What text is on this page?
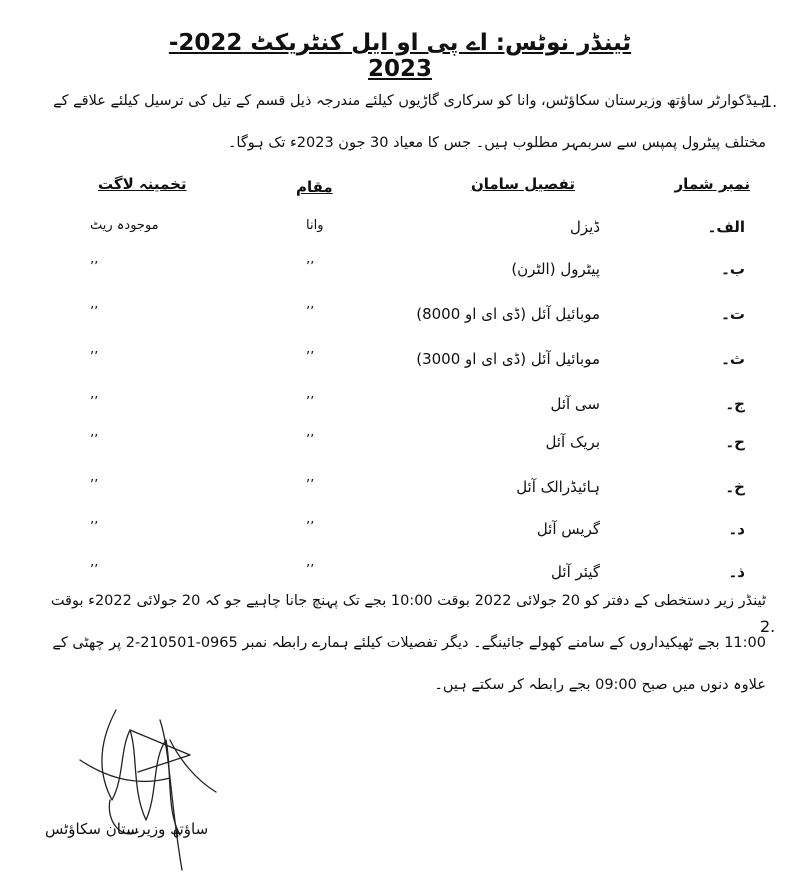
ٹینڈر نوٹس: اے پی او ایل کنٹریکٹ 2022-2023
1.
ہیڈکوارٹر ساؤتھ وزیرستان سکاؤٹس، وانا کو سرکاری گاڑیوں کیلئے مندرجہ ذیل قسم کے تیل کی ترسیل کیلئے علاقے کے مختلف پیٹرول پمپس سے سربمہر مطلوب ہیں۔ جس کا معیاد 30 جون 2023ء تک ہوگا۔
نمبر شمار
تفصیل سامان
مقام
تخمینہ لاگت
الف۔
ڈیزل
وانا
موجودہ ریٹ
ب۔
پیٹرول (الٹرن)
’’
’’
ت۔
موبائیل آئل (ڈی ای او 8000)
’’
’’
ث۔
موبائیل آئل (ڈی ای او 3000)
’’
’’
ج۔
سی آئل
’’
’’
ح۔
بریک آئل
’’
’’
خ۔
ہائیڈرالک آئل
’’
’’
د۔
گریس آئل
’’
’’
ذ۔
گیئر آئل
’’
’’
2.
ٹینڈر زیر دستخطی کے دفتر کو 20 جولائی 2022 بوقت 10:00 بجے تک پہنچ جانا چاہیے جو کہ 20 جولائی 2022ء بوقت 11:00 بجے ٹھیکیداروں کے سامنے کھولے جائینگے۔ دیگر تفصیلات کیلئے ہمارے رابطہ نمبر 0965-210501-2 پر چھٹی کے علاوہ دنوں میں صبح 09:00 بجے رابطہ کر سکتے ہیں۔
ساؤتھ وزیرستان سکاؤٹس
